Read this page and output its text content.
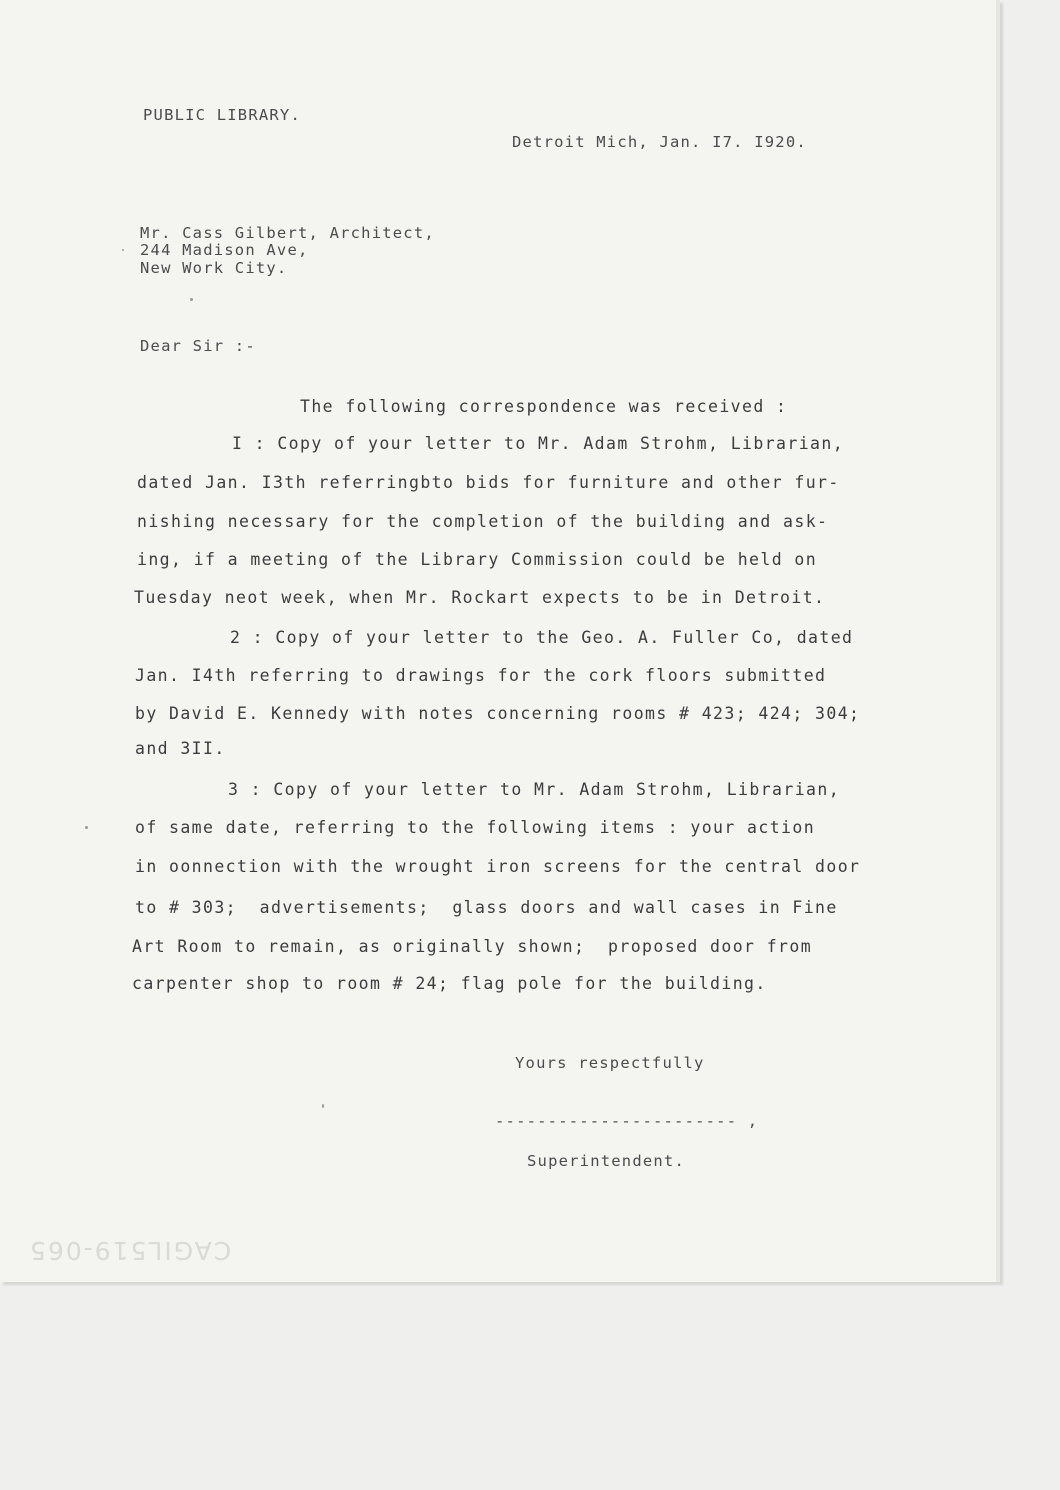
PUBLIC LIBRARY.
Detroit Mich, Jan. I7. I920.
Mr. Cass Gilbert, Architect,
244 Madison Ave,
New Work City.
Dear Sir :-
The following correspondence was received :
I : Copy of your letter to Mr. Adam Strohm, Librarian,
dated Jan. I3th referringbto bids for furniture and other fur-
nishing necessary for the completion of the building and ask-
ing, if a meeting of the Library Commission could be held on
Tuesday neot week, when Mr. Rockart expects to be in Detroit.
2 : Copy of your letter to the Geo. A. Fuller Co, dated
Jan. I4th referring to drawings for the cork floors submitted
by David E. Kennedy with notes concerning rooms # 423; 424; 304;
and 3II.
3 : Copy of your letter to Mr. Adam Strohm, Librarian,
of same date, referring to the following items : your action
in oonnection with the wrought iron screens for the central door
to # 303;  advertisements;  glass doors and wall cases in Fine
Art Room to remain, as originally shown;  proposed door from
carpenter shop to room # 24; flag pole for the building.
Yours respectfully
----------------------- ,
Superintendent.
CAGIL519-065
